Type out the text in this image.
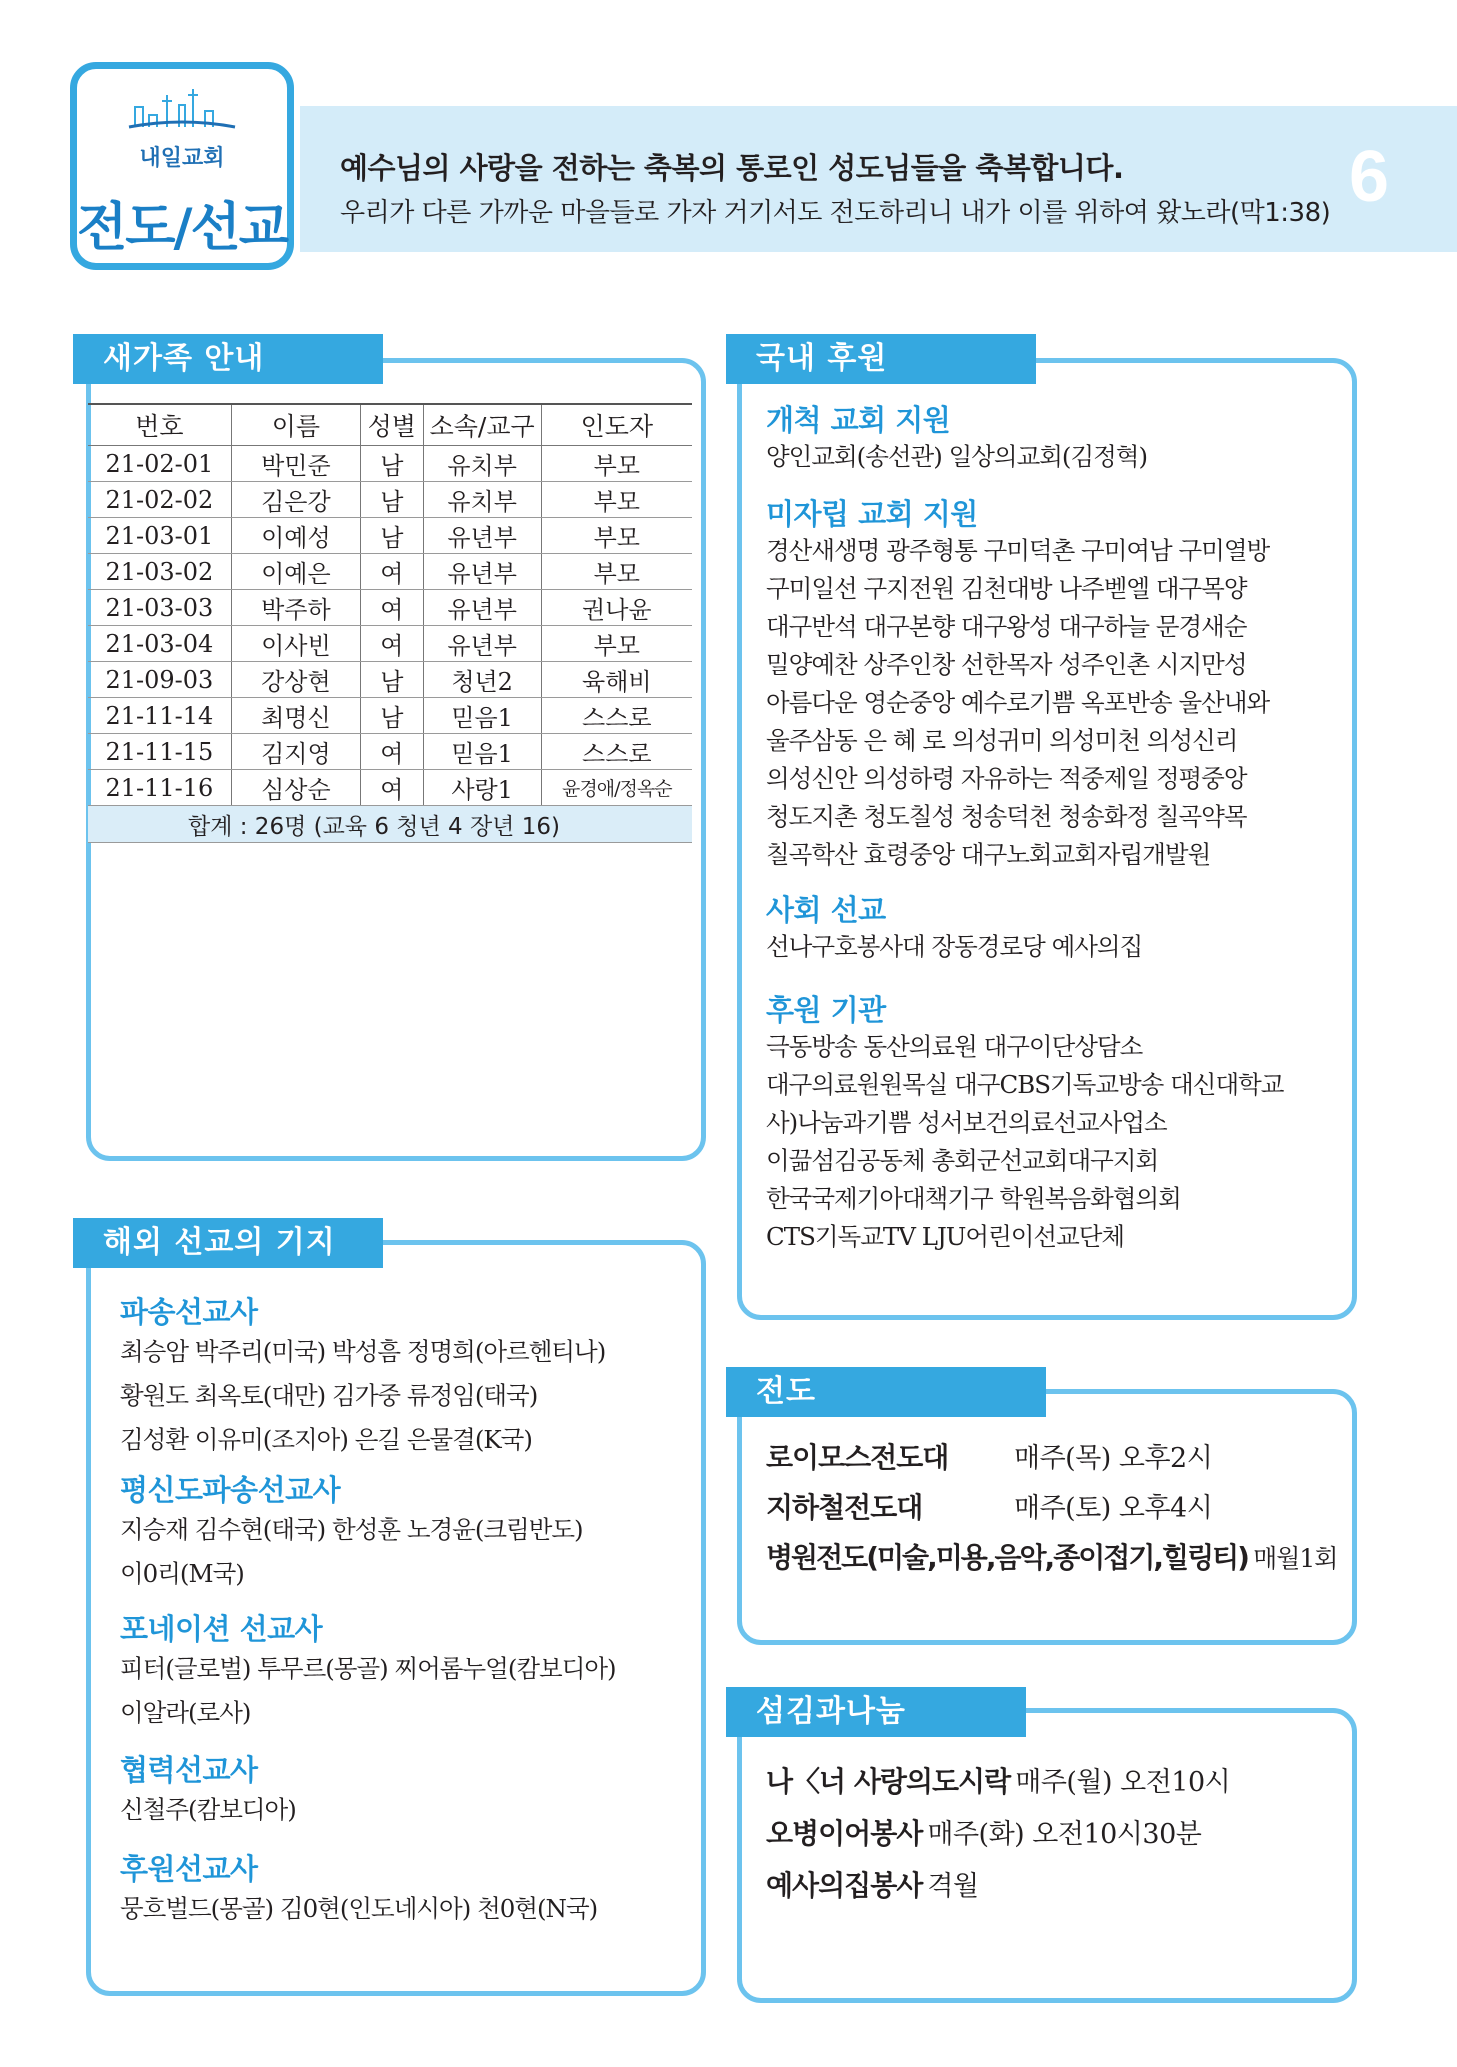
내일교회
전도/선교
예수님의 사랑을 전하는 축복의 통로인 성도님들을 축복합니다.
우리가 다른 가까운 마을들로 가자 거기서도 전도하리니 내가 이를 위하여 왔노라(막1:38) 6
새가족 안내
번호	이름	성별	소속/교구	인도자
21-02-01	박민준	남	유치부	부모
21-02-02	김은강	남	유치부	부모
21-03-01	이예성	남	유년부	부모
21-03-02	이예은	여	유년부	부모
21-03-03	박주하	여	유년부	권나윤
21-03-04	이사빈	여	유년부	부모
21-09-03	강상현	남	청년2	육해비
21-11-14	최명신	남	믿음1	스스로
21-11-15	김지영	여	믿음1	스스로
21-11-16	심상순	여	사랑1	윤경애/정옥순
합계 : 26명 (교육 6 청년 4 장년 16)				
해외 선교의 기지
파송선교사
최승암 박주리(미국) 박성흠 정명희(아르헨티나)
황원도 최옥토(대만) 김가중 류정임(태국)
김성환 이유미(조지아) 은길 은물결(K국)
평신도파송선교사
지승재 김수현(태국) 한성훈 노경윤(크림반도)
이0리(M국)
포네이션 선교사
피터(글로벌) 투무르(몽골) 찌어롬누얼(캄보디아)
이알라(로사)
협력선교사
신철주(캄보디아)
후원선교사
뭉흐벌드(몽골) 김0현(인도네시아) 천0현(N국)
국내 후원
개척 교회 지원
양인교회(송선관) 일상의교회(김정혁)
미자립 교회 지원
경산새생명 광주형통 구미덕촌 구미여남 구미열방
구미일선 구지전원 김천대방 나주벧엘 대구목양
대구반석 대구본향 대구왕성 대구하늘 문경새순
밀양예찬 상주인창 선한목자 성주인촌 시지만성
아름다운 영순중앙 예수로기쁨 옥포반송 울산내와
울주삼동 은 혜 로 의성귀미 의성미천 의성신리
의성신안 의성하령 자유하는 적중제일 정평중앙
청도지촌 청도칠성 청송덕천 청송화정 칠곡약목
칠곡학산 효령중앙 대구노회교회자립개발원
사회 선교
선나구호봉사대 장동경로당 예사의집
후원 기관
극동방송 동산의료원 대구이단상담소
대구의료원원목실 대구CBS기독교방송 대신대학교
사)나눔과기쁨 성서보건의료선교사업소
이끎섬김공동체 총회군선교회대구지회
한국국제기아대책기구 학원복음화협의회
CTS기독교TV LJU어린이선교단체
전도
로이모스전도대 매주(목) 오후2시
지하철전도대	매주(토) 오후4시
병원전도(미술,미용,음악,종이접기,힐링티) 매월1회
섬김과나눔
나〈너 사랑의도시락 매주(월) 오전10시
오병이어봉사 매주(화) 오전10시30분
예사의집봉사 격월
